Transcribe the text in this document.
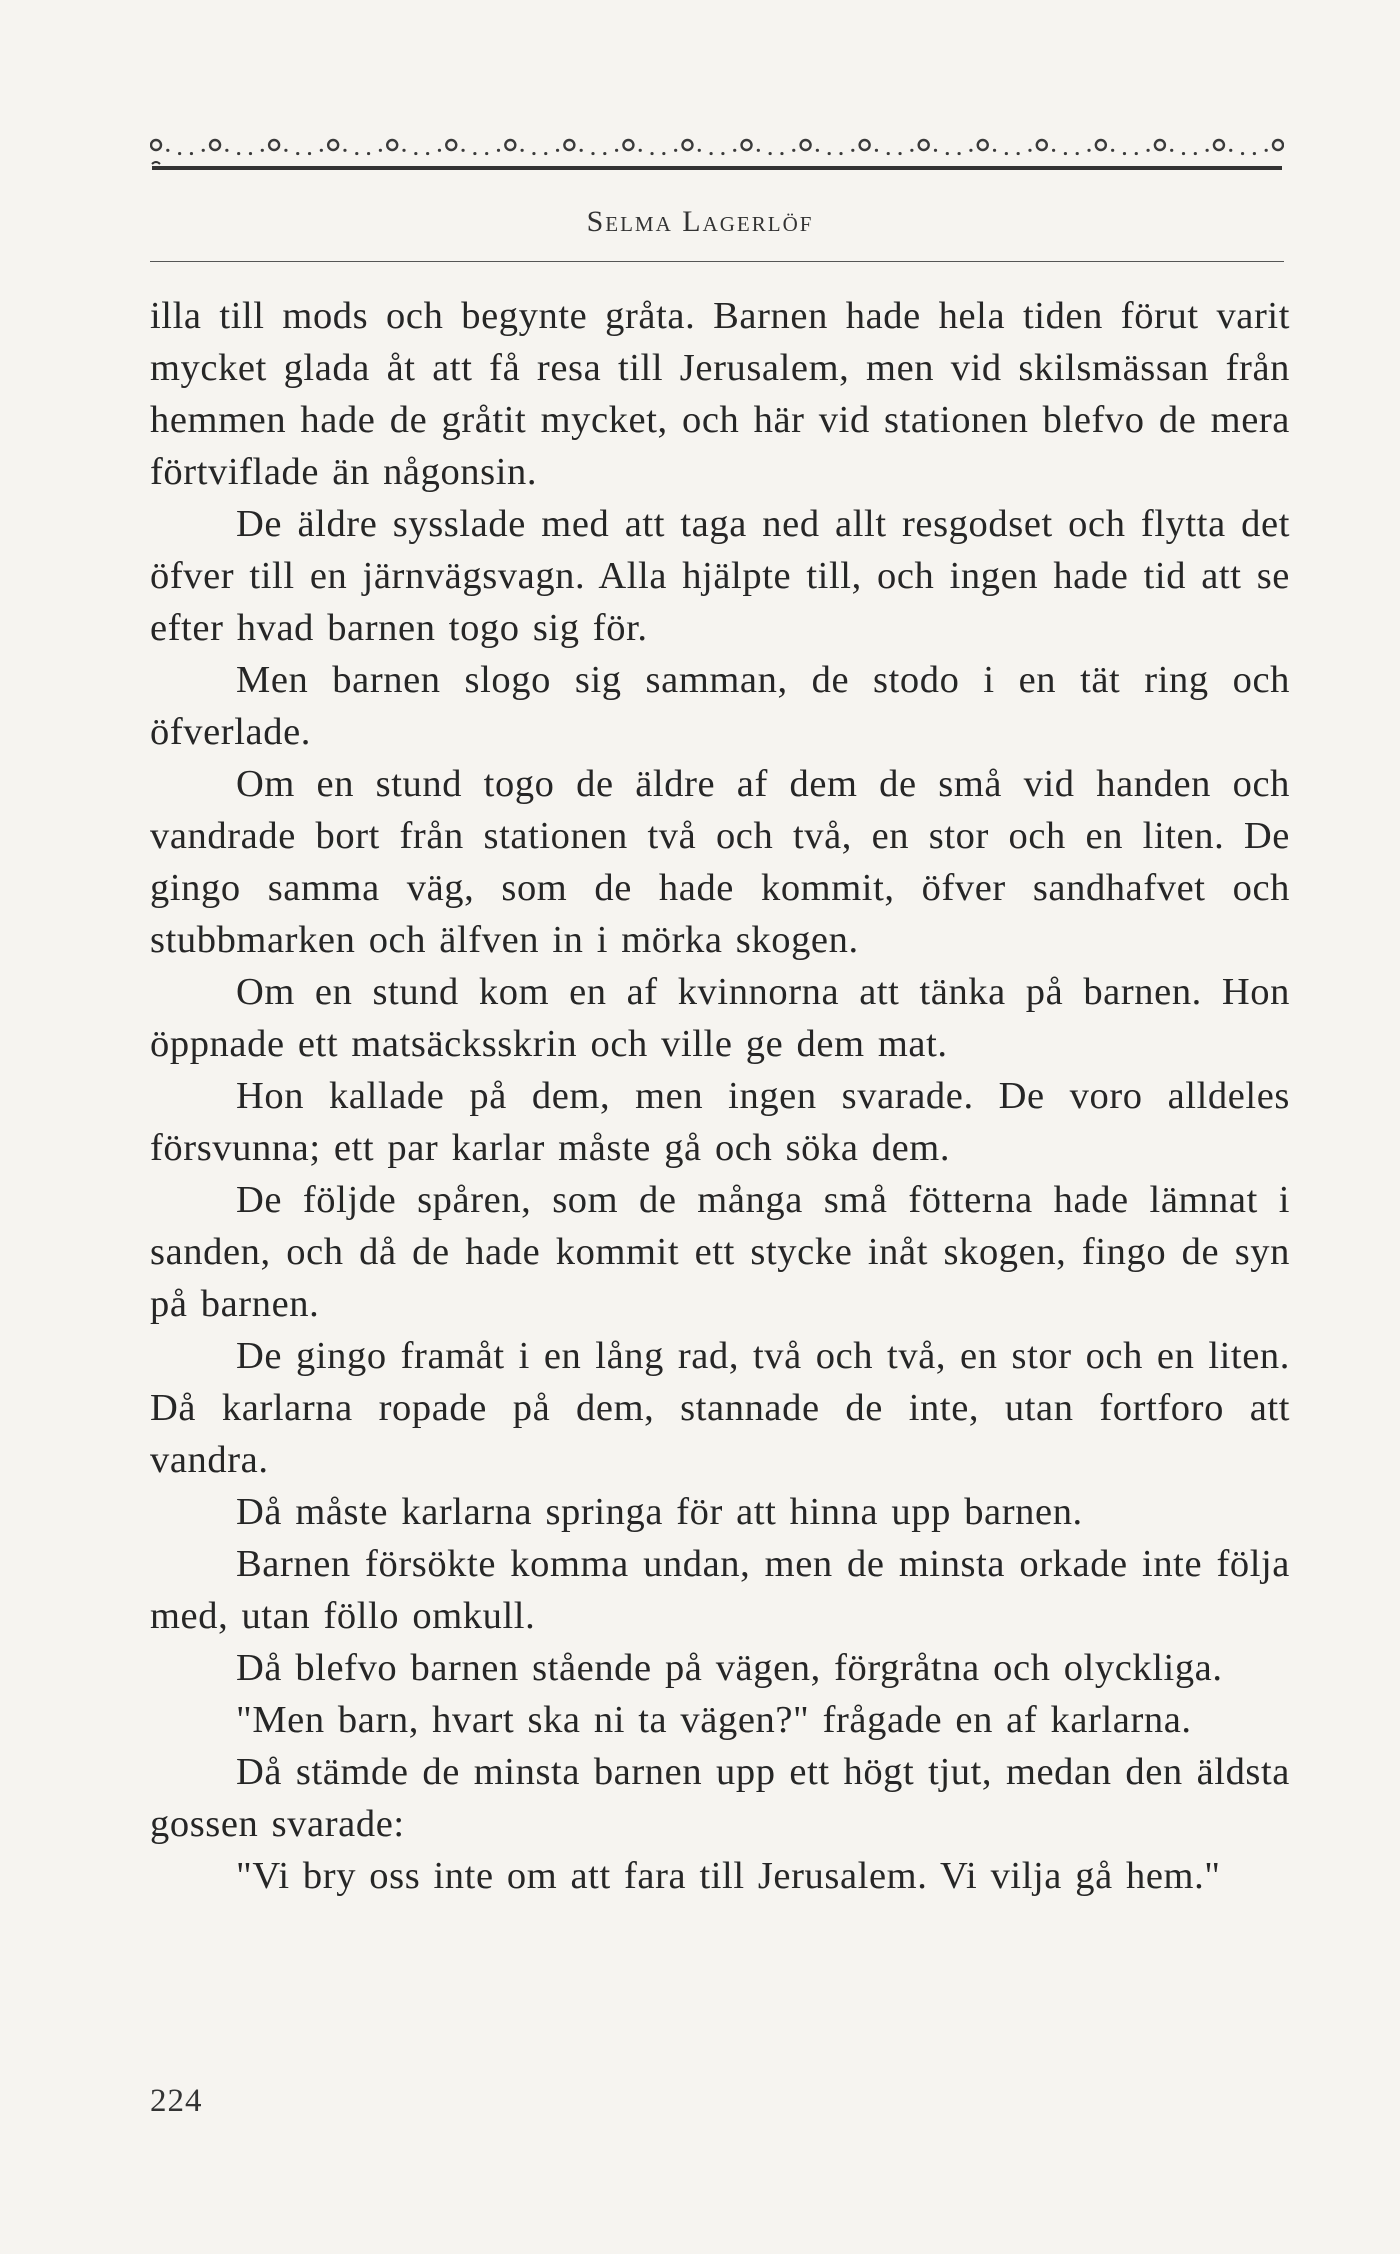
Selma Lagerlöf

illa till mods och begynte gråta. Barnen hade hela tiden förut varit mycket glada åt att få resa till Jerusalem, men vid skilsmässan från hemmen hade de gråtit mycket, och här vid stationen blefvo de mera förtviflade än någonsin.

De äldre sysslade med att taga ned allt resgodset och flytta det öfver till en järnvägsvagn. Alla hjälpte till, och ingen hade tid att se efter hvad barnen togo sig för.

Men barnen slogo sig samman, de stodo i en tät ring och öfverlade.

Om en stund togo de äldre af dem de små vid handen och vandrade bort från stationen två och två, en stor och en liten. De gingo samma väg, som de hade kommit, öfver sandhafvet och stubbmarken och älfven in i mörka skogen.

Om en stund kom en af kvinnorna att tänka på barnen. Hon öppnade ett matsäcksskrin och ville ge dem mat.

Hon kallade på dem, men ingen svarade. De voro alldeles försvunna; ett par karlar måste gå och söka dem.

De följde spåren, som de många små fötterna hade lämnat i sanden, och då de hade kommit ett stycke inåt skogen, fingo de syn på barnen.

De gingo framåt i en lång rad, två och två, en stor och en liten. Då karlarna ropade på dem, stannade de inte, utan fortforo att vandra.

Då måste karlarna springa för att hinna upp barnen.

Barnen försökte komma undan, men de minsta orkade inte följa med, utan föllo omkull.

Då blefvo barnen stående på vägen, förgråtna och olyckliga.

"Men barn, hvart ska ni ta vägen?" frågade en af karlarna.

Då stämde de minsta barnen upp ett högt tjut, medan den äldsta gossen svarade:

"Vi bry oss inte om att fara till Jerusalem. Vi vilja gå hem."

224
